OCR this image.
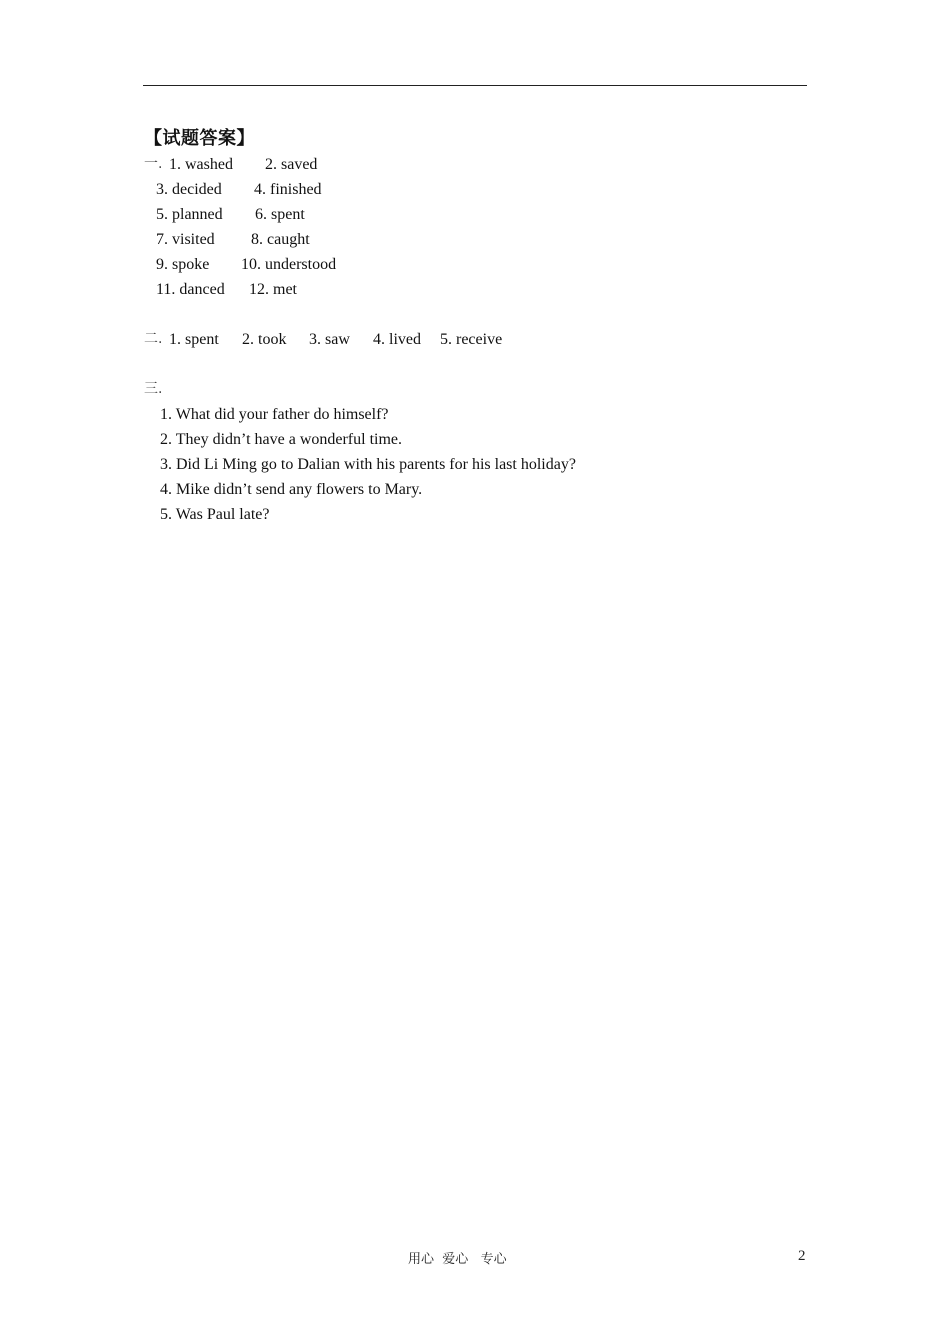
【试题答案】
一. 1. washed 2. saved
3. decided 4. finished
5. planned 6. spent
7. visited 8. caught
9. spoke 10. understood
11. danced 12. met
二. 1. spent 2. took 3. saw 4. lived 5. receive
三.
1. What did your father do himself?
2. They didn’t have a wonderful time.
3. Did Li Ming go to Dalian with his parents for his last holiday?
4. Mike didn’t send any flowers to Mary.
5. Was Paul late?
用心  爱心   专心	2
